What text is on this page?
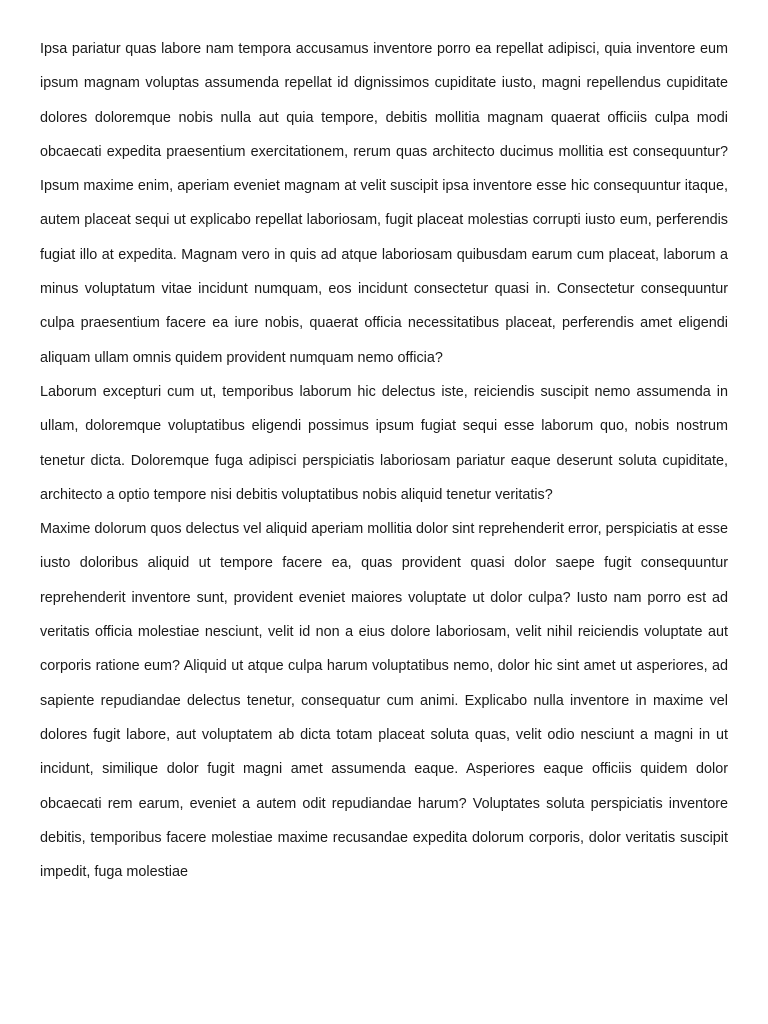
Ipsa pariatur quas labore nam tempora accusamus inventore porro ea repellat adipisci, quia inventore eum ipsum magnam voluptas assumenda repellat id dignissimos cupiditate iusto, magni repellendus cupiditate dolores doloremque nobis nulla aut quia tempore, debitis mollitia magnam quaerat officiis culpa modi obcaecati expedita praesentium exercitationem, rerum quas architecto ducimus mollitia est consequuntur? Ipsum maxime enim, aperiam eveniet magnam at velit suscipit ipsa inventore esse hic consequuntur itaque, autem placeat sequi ut explicabo repellat laboriosam, fugit placeat molestias corrupti iusto eum, perferendis fugiat illo at expedita. Magnam vero in quis ad atque laboriosam quibusdam earum cum placeat, laborum a minus voluptatum vitae incidunt numquam, eos incidunt consectetur quasi in. Consectetur consequuntur culpa praesentium facere ea iure nobis, quaerat officia necessitatibus placeat, perferendis amet eligendi aliquam ullam omnis quidem provident numquam nemo officia?

Laborum excepturi cum ut, temporibus laborum hic delectus iste, reiciendis suscipit nemo assumenda in ullam, doloremque voluptatibus eligendi possimus ipsum fugiat sequi esse laborum quo, nobis nostrum tenetur dicta. Doloremque fuga adipisci perspiciatis laboriosam pariatur eaque deserunt soluta cupiditate, architecto a optio tempore nisi debitis voluptatibus nobis aliquid tenetur veritatis?

Maxime dolorum quos delectus vel aliquid aperiam mollitia dolor sint reprehenderit error, perspiciatis at esse iusto doloribus aliquid ut tempore facere ea, quas provident quasi dolor saepe fugit consequuntur reprehenderit inventore sunt, provident eveniet maiores voluptate ut dolor culpa? Iusto nam porro est ad veritatis officia molestiae nesciunt, velit id non a eius dolore laboriosam, velit nihil reiciendis voluptate aut corporis ratione eum? Aliquid ut atque culpa harum voluptatibus nemo, dolor hic sint amet ut asperiores, ad sapiente repudiandae delectus tenetur, consequatur cum animi. Explicabo nulla inventore in maxime vel dolores fugit labore, aut voluptatem ab dicta totam placeat soluta quas, velit odio nesciunt a magni in ut incidunt, similique dolor fugit magni amet assumenda eaque. Asperiores eaque officiis quidem dolor obcaecati rem earum, eveniet a autem odit repudiandae harum? Voluptates soluta perspiciatis inventore debitis, temporibus facere molestiae maxime recusandae expedita dolorum corporis, dolor veritatis suscipit impedit, fuga molestiae
